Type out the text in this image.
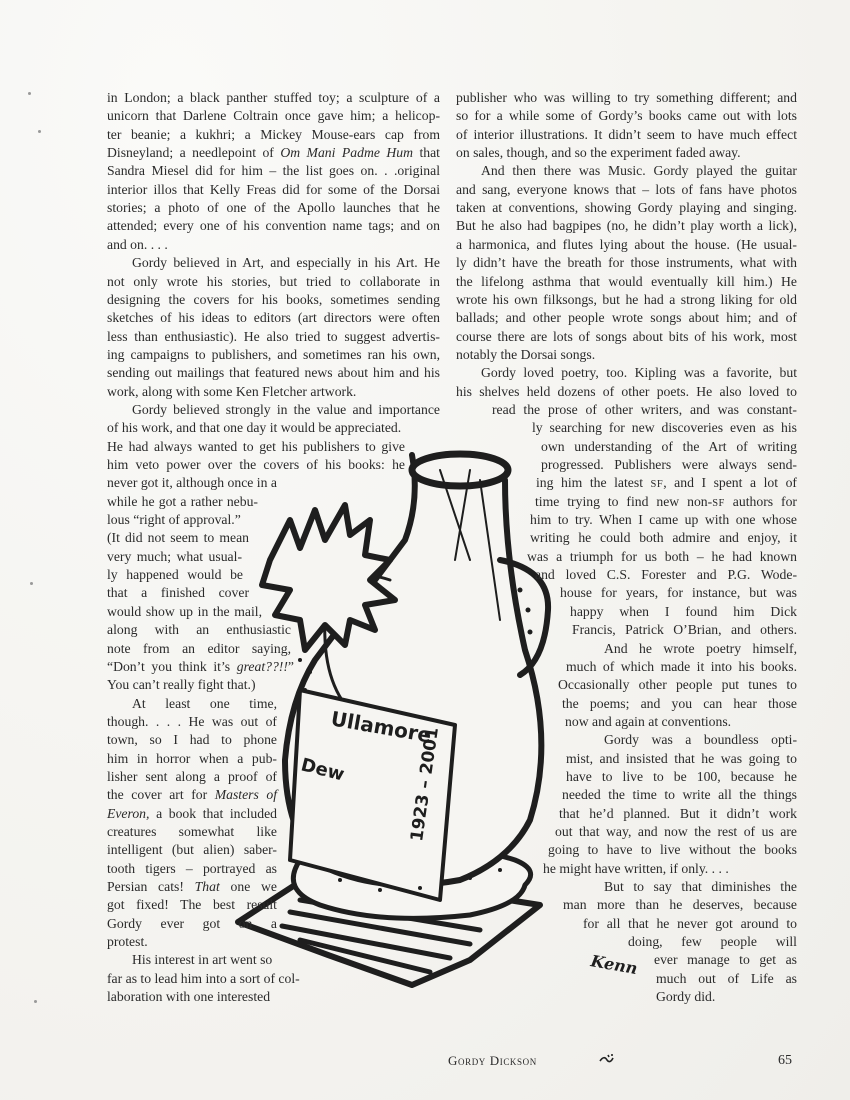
Ullamore
Dew	1923 – 2001
Kenn
in London; a black panther stuffed toy; a sculpture of a
unicorn that Darlene Coltrain once gave him; a helicop-
ter beanie; a kukhri; a Mickey Mouse-ears cap from
Disneyland; a needlepoint of Om Mani Padme Hum that
Sandra Miesel did for him – the list goes on. . .original
interior illos that Kelly Freas did for some of the Dorsai
stories; a photo of one of the Apollo launches that he
attended; every one of his convention name tags; and on
and on. . . .
Gordy believed in Art, and especially in his Art. He
not only wrote his stories, but tried to collaborate in
designing the covers for his books, sometimes sending
sketches of his ideas to editors (art directors were often
less than enthusiastic). He also tried to suggest advertis-
ing campaigns to publishers, and sometimes ran his own,
sending out mailings that featured news about him and his
work, along with some Ken Fletcher artwork.
Gordy believed strongly in the value and importance
of his work, and that one day it would be appreciated.
He had always wanted to get his publishers to give
him veto power over the covers of his books: he
never got it, although once in a
while he got a rather nebu-
lous “right of approval.”
(It did not seem to mean
very much; what usual-
ly happened would be
that a finished cover
would show up in the mail,
along with an enthusiastic
note from an editor saying,
“Don’t you think it’s great??!!”
You can’t really fight that.)
At least one time,
though. . . . He was out of
town, so I had to phone
him in horror when a pub-
lisher sent along a proof of
the cover art for Masters of
Everon, a book that included
creatures somewhat like
intelligent (but alien) saber-
tooth tigers – portrayed as
Persian cats! That one we
got fixed! The best result
Gordy ever got on a
protest.
His interest in art went so
far as to lead him into a sort of col-
laboration with one interested
publisher who was willing to try something different; and
so for a while some of Gordy’s books came out with lots
of interior illustrations. It didn’t seem to have much effect
on sales, though, and so the experiment faded away.
And then there was Music. Gordy played the guitar
and sang, everyone knows that – lots of fans have photos
taken at conventions, showing Gordy playing and singing.
But he also had bagpipes (no, he didn’t play worth a lick),
a harmonica, and flutes lying about the house. (He usual-
ly didn’t have the breath for those instruments, what with
the lifelong asthma that would eventually kill him.) He
wrote his own filksongs, but he had a strong liking for old
ballads; and other people wrote songs about him; and of
course there are lots of songs about bits of his work, most
notably the Dorsai songs.
Gordy loved poetry, too. Kipling was a favorite, but
his shelves held dozens of other poets. He also loved to
read the prose of other writers, and was constant-
ly searching for new discoveries even as his
own understanding of the Art of writing
progressed. Publishers were always send-
ing him the latest SF, and I spent a lot of
time trying to find new non-SF authors for
him to try. When I came up with one whose
writing he could both admire and enjoy, it
was a triumph for us both – he had known
and loved C.S. Forester and P.G. Wode-
house for years, for instance, but was
happy when I found him Dick
Francis, Patrick O’Brian, and others.
And he wrote poetry himself,
much of which made it into his books.
Occasionally other people put tunes to
the poems; and you can hear those
now and again at conventions.
Gordy was a boundless opti-
mist, and insisted that he was going to
have to live to be 100, because he
needed the time to write all the things
that he’d planned. But it didn’t work
out that way, and now the rest of us are
going to have to live without the books
he might have written, if only. . . .
But to say that diminishes the
man more than he deserves, because
for all that he never got around to
doing, few people will
ever manage to get as
much out of Life as
Gordy did.
Gordy Dickson	65
